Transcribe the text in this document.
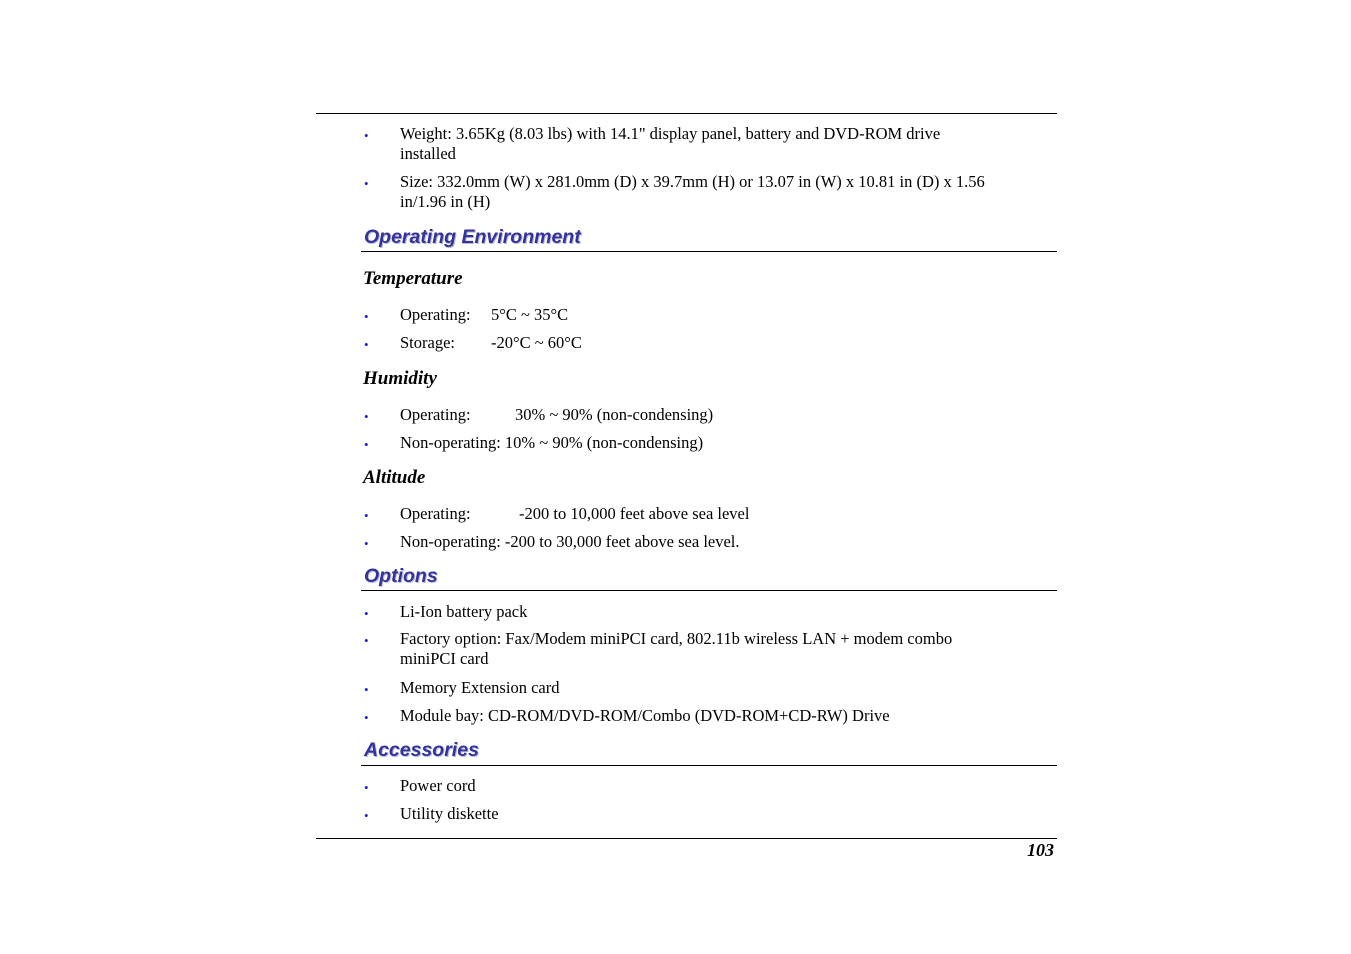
• Weight: 3.65Kg (8.03 lbs) with 14.1" display panel, battery and DVD-ROM drive
installed
• Size: 332.0mm (W) x 281.0mm (D) x 39.7mm (H) or 13.07 in (W) x 10.81 in (D) x 1.56
in/1.96 in (H)
Operating Environment
Temperature
• Operating: 5°C ~ 35°C
• Storage: -20°C ~ 60°C
Humidity
• Operating:	30% ~ 90% (non-condensing)
• Non-operating: 10% ~ 90% (non-condensing)
Altitude
• Operating:	-200 to 10,000 feet above sea level
• Non-operating: -200 to 30,000 feet above sea level.
Options
• Li-Ion battery pack
• Factory option: Fax/Modem miniPCI card, 802.11b wireless LAN + modem combo
miniPCI card
• Memory Extension card
• Module bay: CD-ROM/DVD-ROM/Combo (DVD-ROM+CD-RW) Drive
Accessories
• Power cord
• Utility diskette
103
